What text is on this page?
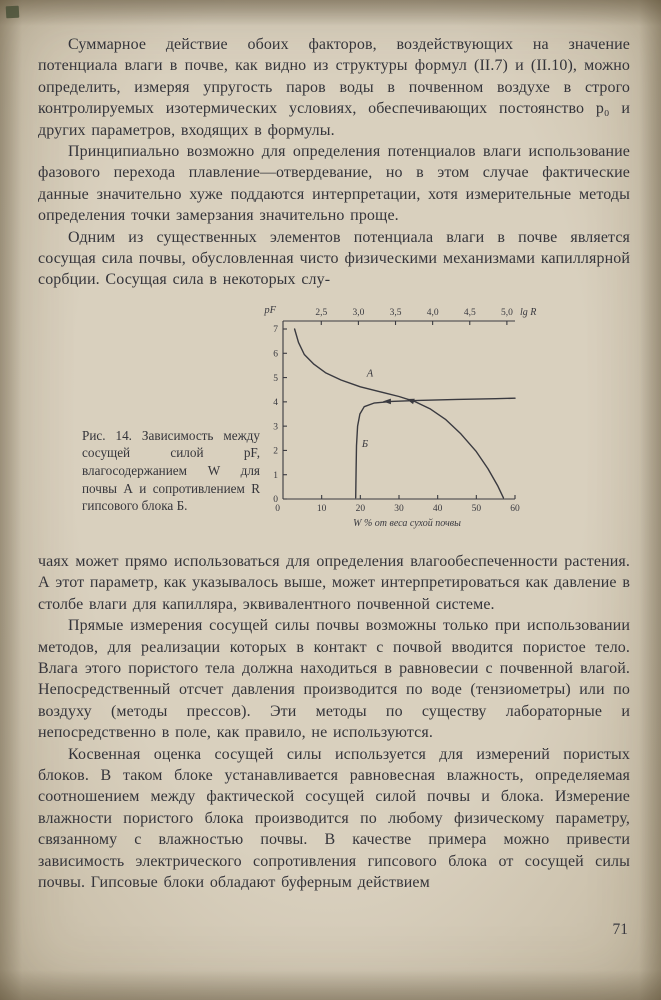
Суммарное действие обоих факторов, воздействующих на значение потенциала влаги в почве, как видно из структуры формул (II.7) и (II.10), можно определить, измеряя упругость паров воды в почвенном воздухе в строго контролируемых изотермических условиях, обеспечивающих постоянство p₀ и других параметров, входящих в формулы.

Принципиально возможно для определения потенциалов влаги использование фазового перехода плавление—отвердевание, но в этом случае фактические данные значительно хуже поддаются интерпретации, хотя измерительные методы определения точки замерзания значительно проще.

Одним из существенных элементов потенциала влаги в почве является сосущая сила почвы, обусловленная чисто физическими механизмами капиллярной сорбции. Сосущая сила в некоторых слу-

Рис. 14. Зависимость между сосущей силой pF, влагосодержанием W для почвы А и сопротивлением R гипсового блока Б.	0
1
2
3
4
5
6
7
0	10	20	30	40	50	60
2,5	3,0	3,5	4,0	4,5	5,0
pF	lg R
W % от веса сухой почвы
А
Б

чаях может прямо использоваться для определения влагообеспеченности растения. А этот параметр, как указывалось выше, может интерпретироваться как давление в столбе влаги для капилляра, эквивалентного почвенной системе.

Прямые измерения сосущей силы почвы возможны только при использовании методов, для реализации которых в контакт с почвой вводится пористое тело. Влага этого пористого тела должна находиться в равновесии с почвенной влагой. Непосредственный отсчет давления производится по воде (тензиометры) или по воздуху (методы прессов). Эти методы по существу лабораторные и непосредственно в поле, как правило, не используются.

Косвенная оценка сосущей силы используется для измерений пористых блоков. В таком блоке устанавливается равновесная влажность, определяемая соотношением между фактической сосущей силой почвы и блока. Измерение влажности пористого блока производится по любому физическому параметру, связанному с влажностью почвы. В качестве примера можно привести зависимость электрического сопротивления гипсового блока от сосущей силы почвы. Гипсовые блоки обладают буферным действием

71
